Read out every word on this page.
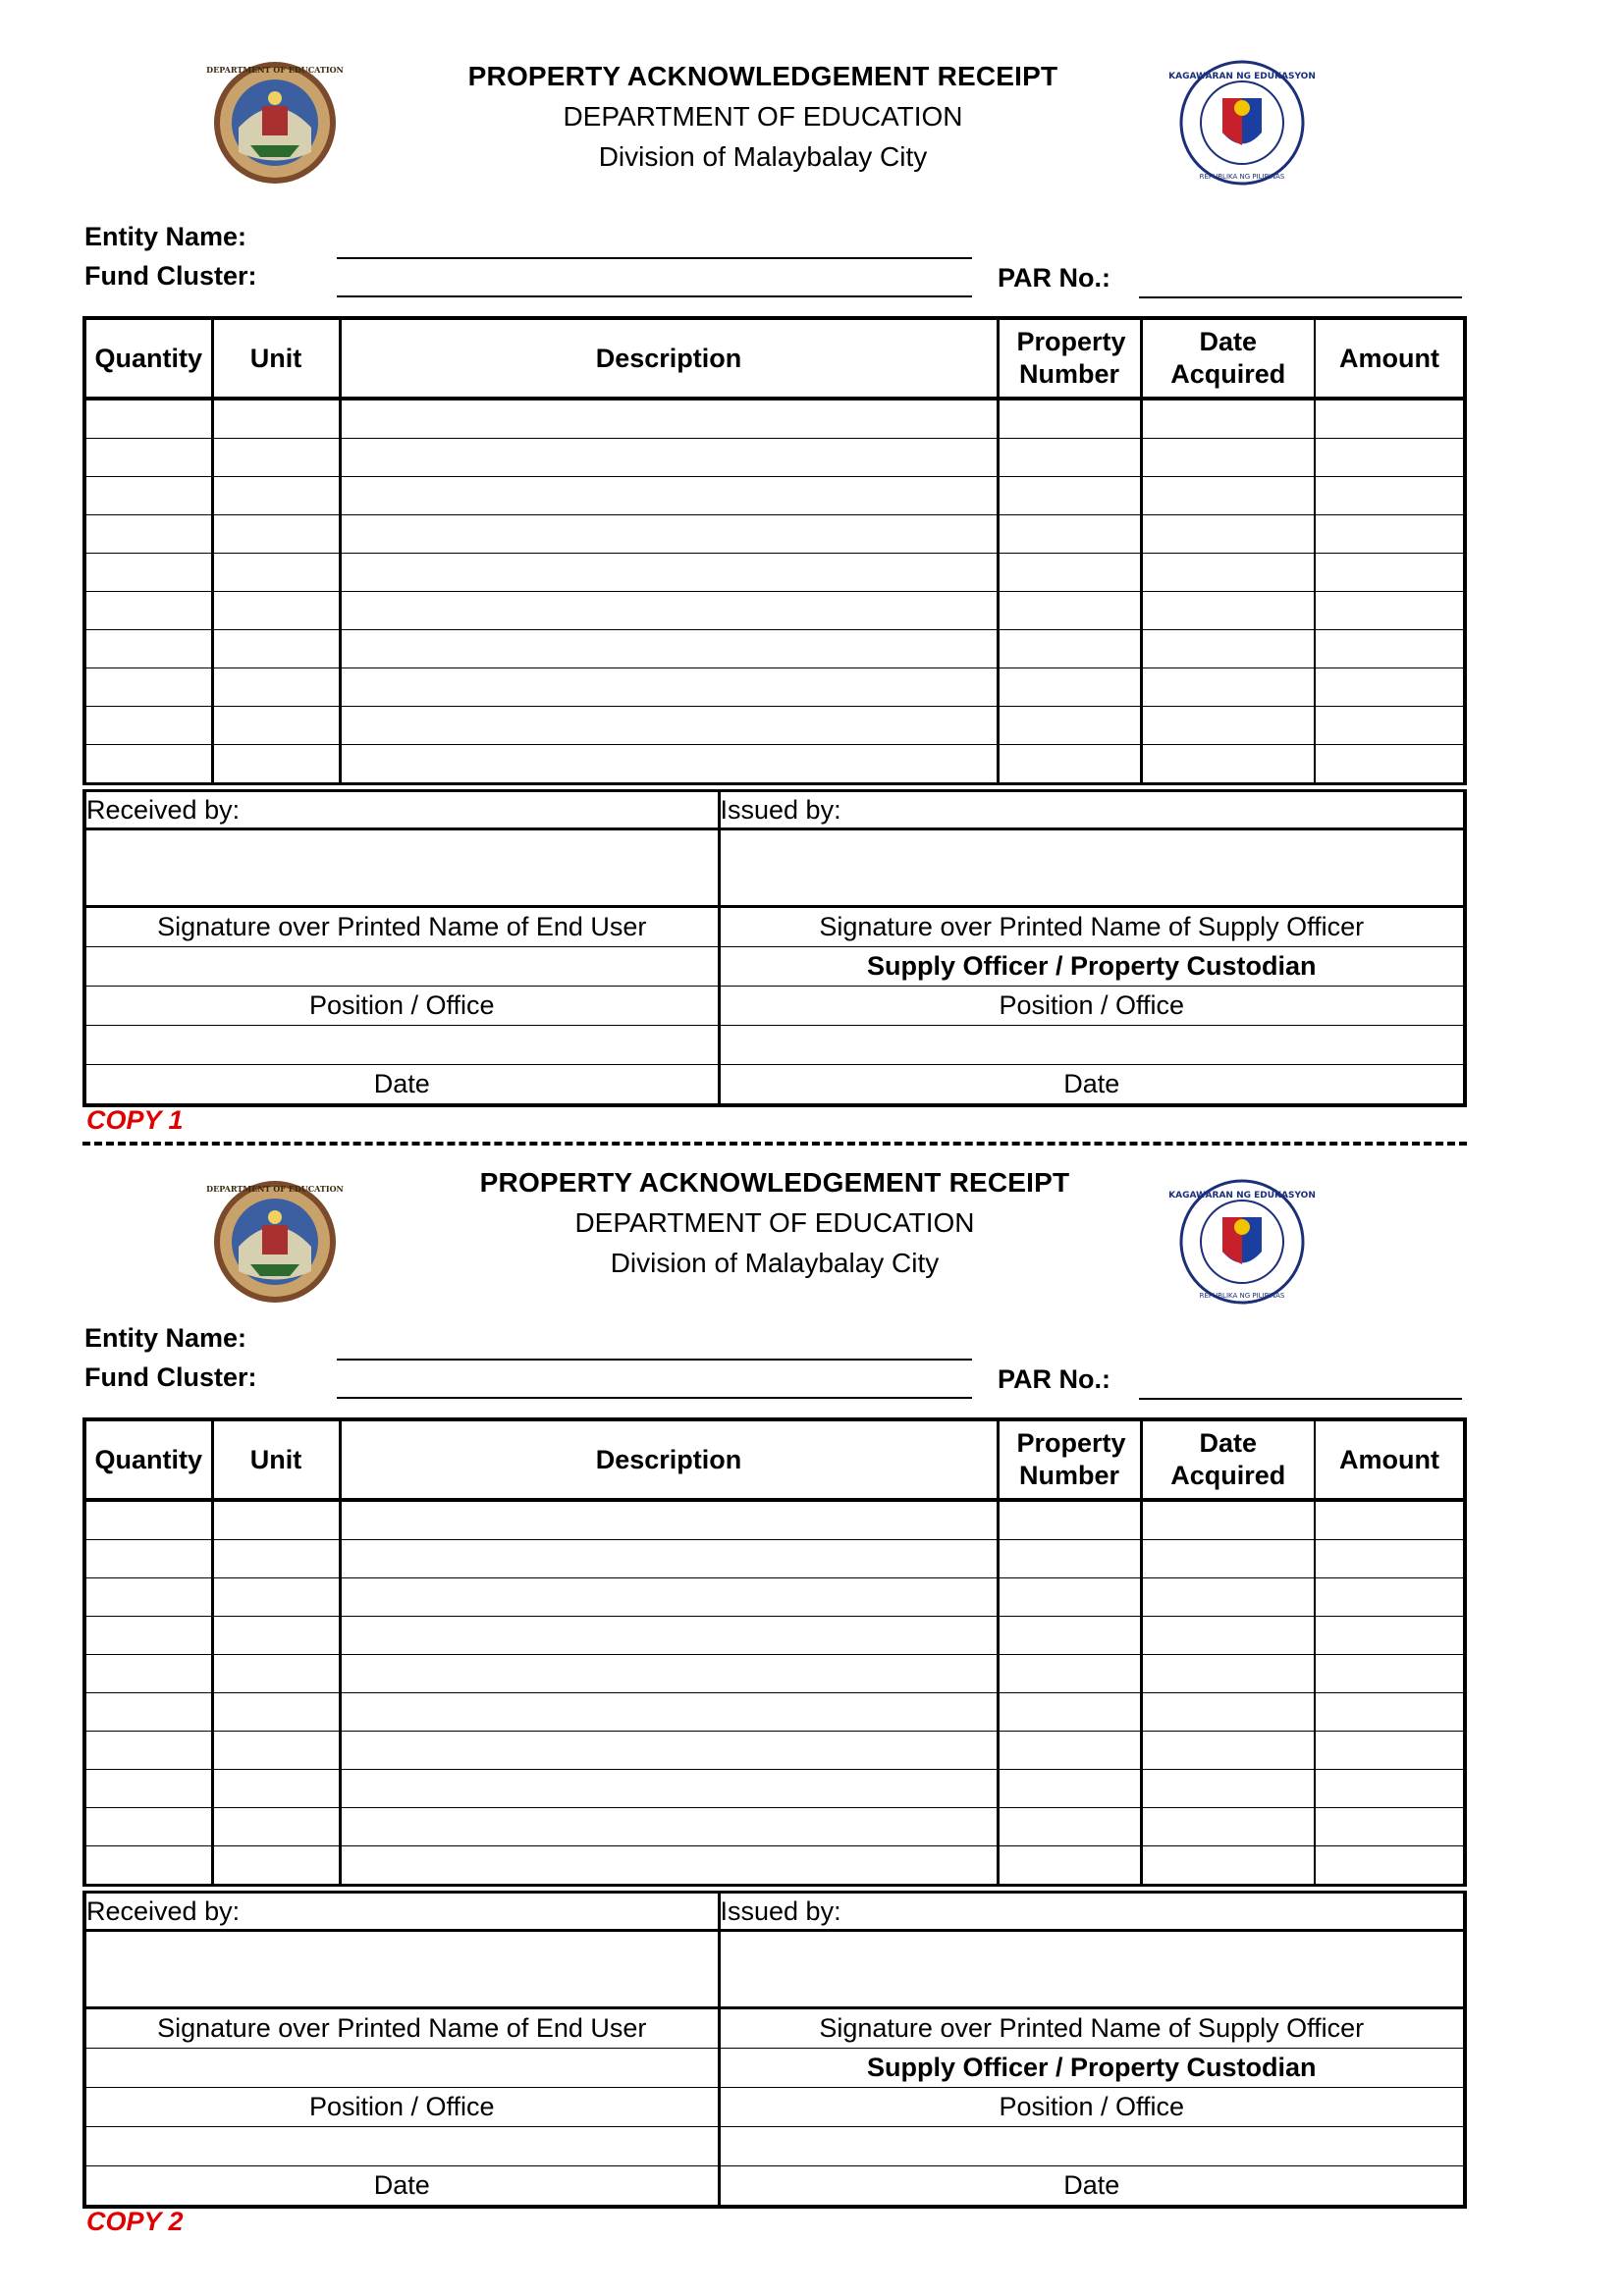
DEPARTMENT OF EDUCATION
KAGAWARAN NG EDUKASYON
REPUBLIKA NG PILIPINAS
PROPERTY ACKNOWLEDGEMENT RECEIPT
DEPARTMENT OF EDUCATION
Division of Malaybalay City
Entity Name:
Fund Cluster:	PAR No.:
Quantity	Unit	Description	Property Number	Date Acquired	Amount

Received by:	Issued by:

Signature over Printed Name of End User	Signature over Printed Name of Supply Officer
	Supply Officer / Property Custodian
Position / Office	Position / Office

Date	Date
COPY 1
DEPARTMENT OF EDUCATION
KAGAWARAN NG EDUKASYON
REPUBLIKA NG PILIPINAS
PROPERTY ACKNOWLEDGEMENT RECEIPT
DEPARTMENT OF EDUCATION
Division of Malaybalay City
Entity Name:
Fund Cluster:	PAR No.:
Quantity	Unit	Description	Property Number	Date Acquired	Amount

Received by:	Issued by:

Signature over Printed Name of End User	Signature over Printed Name of Supply Officer
	Supply Officer / Property Custodian
Position / Office	Position / Office

Date	Date
COPY 2
